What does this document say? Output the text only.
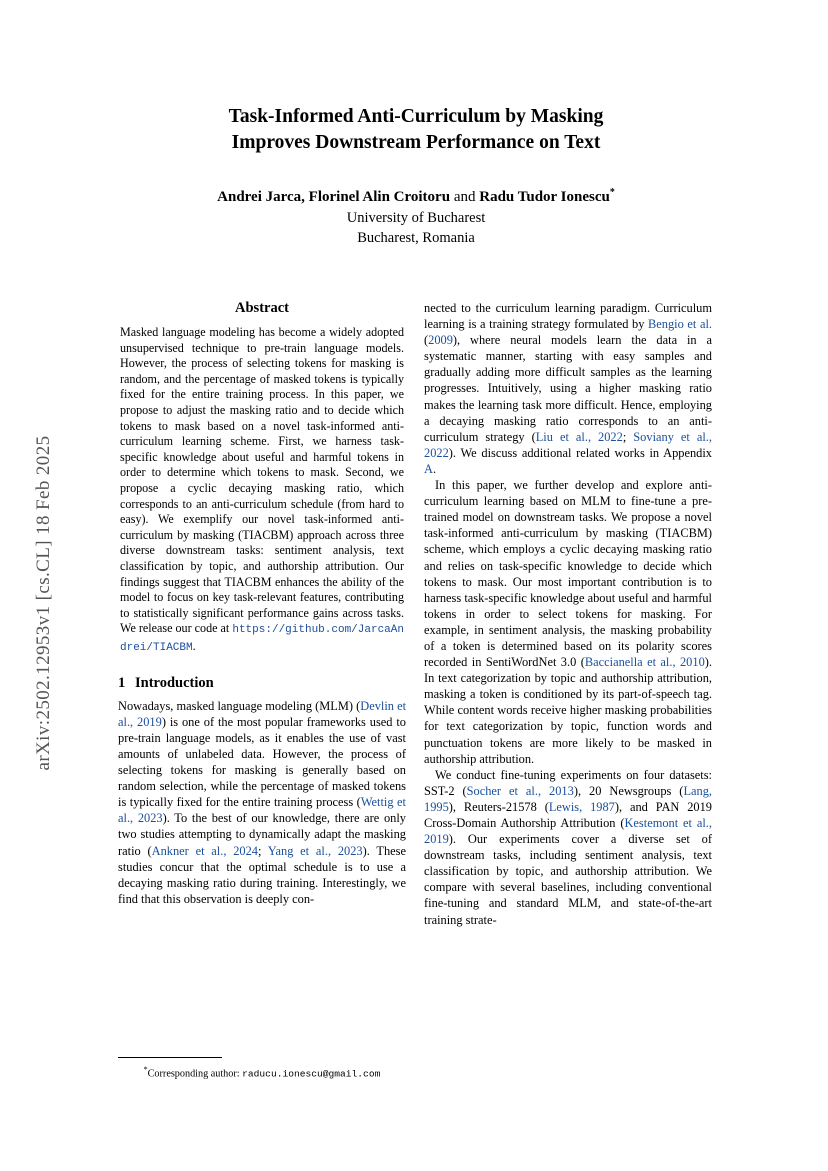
arXiv:2502.12953v1 [cs.CL] 18 Feb 2025
Task-Informed Anti-Curriculum by Masking
Improves Downstream Performance on Text
Andrei Jarca, Florinel Alin Croitoru and Radu Tudor Ionescu*
University of Bucharest
Bucharest, Romania
Abstract
Masked language modeling has become a widely adopted unsupervised technique to pre-train language models. However, the process of selecting tokens for masking is random, and the percentage of masked tokens is typically fixed for the entire training process. In this paper, we propose to adjust the masking ratio and to decide which tokens to mask based on a novel task-informed anti-curriculum learning scheme. First, we harness task-specific knowledge about useful and harmful tokens in order to determine which tokens to mask. Second, we propose a cyclic decaying masking ratio, which corresponds to an anti-curriculum schedule (from hard to easy). We exemplify our novel task-informed anti-curriculum by masking (TIACBM) approach across three diverse downstream tasks: sentiment analysis, text classification by topic, and authorship attribution. Our findings suggest that TIACBM enhances the ability of the model to focus on key task-relevant features, contributing to statistically significant performance gains across tasks. We release our code at https://github.com/JarcaAndrei/TIACBM.
1 Introduction

Nowadays, masked language modeling (MLM) (Devlin et al., 2019) is one of the most popular frameworks used to pre-train language models, as it enables the use of vast amounts of unlabeled data. However, the process of selecting tokens for masking is generally based on random selection, while the percentage of masked tokens is typically fixed for the entire training process (Wettig et al., 2023). To the best of our knowledge, there are only two studies attempting to dynamically adapt the masking ratio (Ankner et al., 2024; Yang et al., 2023). These studies concur that the optimal schedule is to use a decaying masking ratio during training. Interestingly, we find that this observation is deeply con-

nected to the curriculum learning paradigm. Curriculum learning is a training strategy formulated by Bengio et al. (2009), where neural models learn the data in a systematic manner, starting with easy samples and gradually adding more difficult samples as the learning progresses. Intuitively, using a higher masking ratio makes the learning task more difficult. Hence, employing a decaying masking ratio corresponds to an anti-curriculum strategy (Liu et al., 2022; Soviany et al., 2022). We discuss additional related works in Appendix A.

In this paper, we further develop and explore anti-curriculum learning based on MLM to fine-tune a pre-trained model on downstream tasks. We propose a novel task-informed anti-curriculum by masking (TIACBM) scheme, which employs a cyclic decaying masking ratio and relies on task-specific knowledge to decide which tokens to mask. Our most important contribution is to harness task-specific knowledge about useful and harmful tokens in order to select tokens for masking. For example, in sentiment analysis, the masking probability of a token is determined based on its polarity scores recorded in SentiWordNet 3.0 (Baccianella et al., 2010). In text categorization by topic and authorship attribution, masking a token is conditioned by its part-of-speech tag. While content words receive higher masking probabilities for text categorization by topic, function words and punctuation tokens are more likely to be masked in authorship attribution.

We conduct fine-tuning experiments on four datasets: SST-2 (Socher et al., 2013), 20 Newsgroups (Lang, 1995), Reuters-21578 (Lewis, 1987), and PAN 2019 Cross-Domain Authorship Attribution (Kestemont et al., 2019). Our experiments cover a diverse set of downstream tasks, including sentiment analysis, text classification by topic, and authorship attribution. We compare with several baselines, including conventional fine-tuning and standard MLM, and state-of-the-art training strate-

*Corresponding author: raducu.ionescu@gmail.com
